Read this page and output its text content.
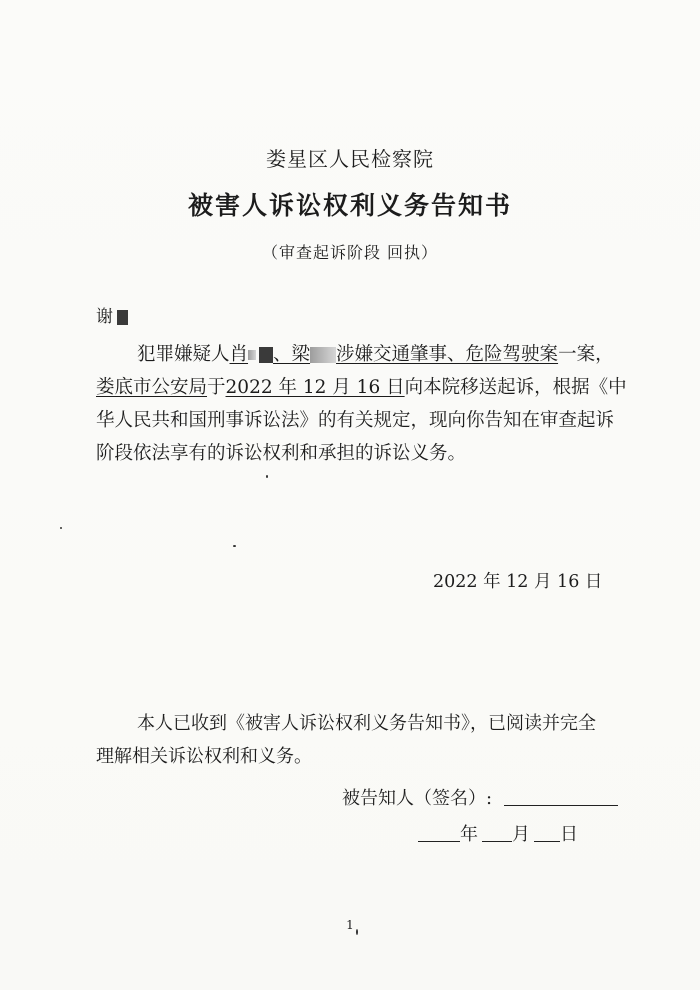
娄星区人民检察院
被害人诉讼权利义务告知书
（审查起诉阶段 回执）
谢
犯罪嫌疑人肖 、梁 涉嫌交通肇事、危险驾驶案一案，
娄底市公安局于2022 年 12 月 16 日向本院移送起诉，根据《中
华人民共和国刑事诉讼法》的有关规定，现向你告知在审查起诉
阶段依法享有的诉讼权利和承担的诉讼义务。
2022 年 12 月 16 日
本人已收到《被害人诉讼权利义务告知书》，已阅读并完全
理解相关诉讼权利和义务。
被告知人（签名）:
年 月 日
1
